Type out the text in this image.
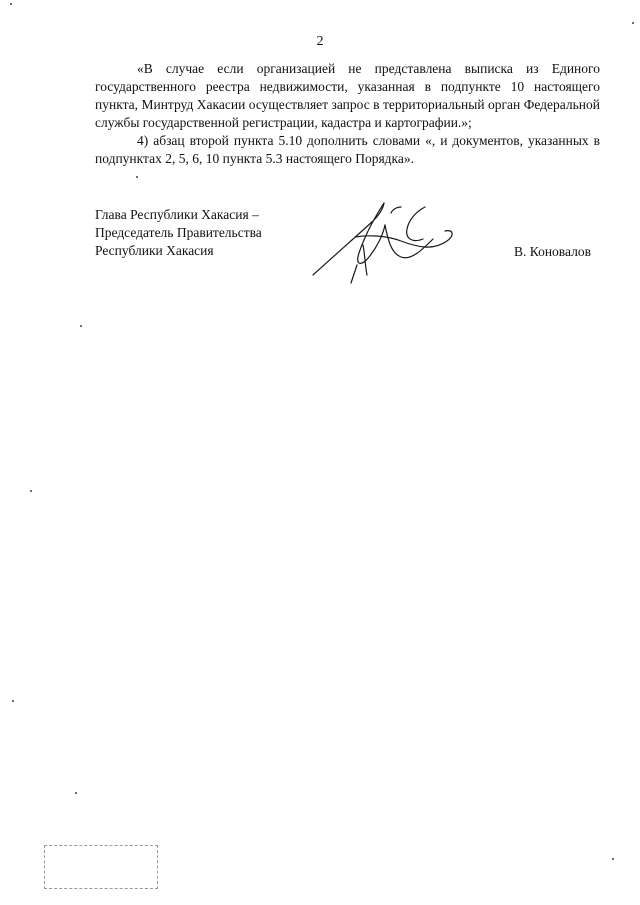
2

«В случае если организацией не представлена выписка из Единого государственного реестра недвижимости, указанная в подпункте 10 настоящего пункта, Минтруд Хакасии осуществляет запрос в территориальный орган Федеральной службы государственной регистрации, кадастра и картографии.»;

4) абзац второй пункта 5.10 дополнить словами «, и документов, указанных в подпунктах 2, 5, 6, 10 пункта 5.3 настоящего Порядка».

Глава Республики Хакасия –
Председатель Правительства
Республики Хакасия	В. Коновалов
